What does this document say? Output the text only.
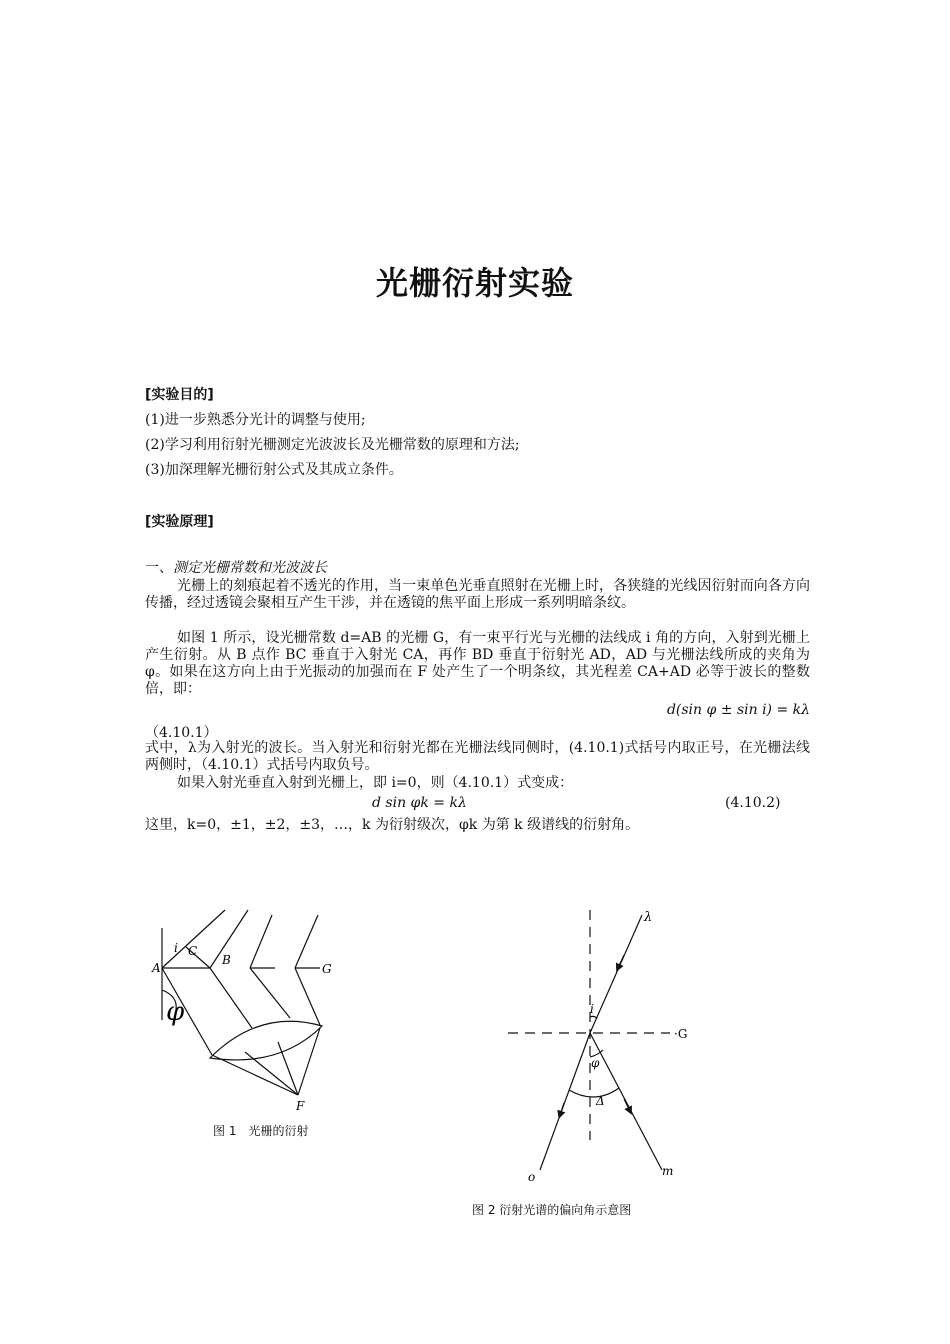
光栅衍射实验
[实验目的]
(1)进一步熟悉分光计的调整与使用;
(2)学习利用衍射光栅测定光波波长及光栅常数的原理和方法;
(3)加深理解光栅衍射公式及其成立条件。
[实验原理]
一、测定光栅常数和光波波长
光栅上的刻痕起着不透光的作用，当一束单色光垂直照射在光栅上时，各狭缝的光线因衍射而向各方向传播，经过透镜会聚相互产生干涉，并在透镜的焦平面上形成一系列明暗条纹。
如图 1 所示，设光栅常数 d=AB 的光栅 G，有一束平行光与光栅的法线成 i 角的方向，入射到光栅上产生衍射。从 B 点作 BC 垂直于入射光 CA，再作 BD 垂直于衍射光 AD，AD 与光栅法线所成的夹角为φ。如果在这方向上由于光振动的加强而在 F 处产生了一个明条纹，其光程差 CA+AD 必等于波长的整数倍，即：
d(sin φ ± sin i) = kλ
（4.10.1）
式中，λ为入射光的波长。当入射光和衍射光都在光栅法线同侧时，(4.10.1)式括号内取正号，在光栅法线两侧时，（4.10.1）式括号内取负号。
如果入射光垂直入射到光栅上，即 i=0，则（4.10.1）式变成：
d sin φk = kλ	(4.10.2)
这里，k=0，±1，±2，±3，…，k 为衍射级次，φk 为第 k 级谱线的衍射角。
A
B
C
G
i
φ
F
图 1　光栅的衍射
λ
i
·G
φ
Δ
o	m
图 2 衍射光谱的偏向角示意图
